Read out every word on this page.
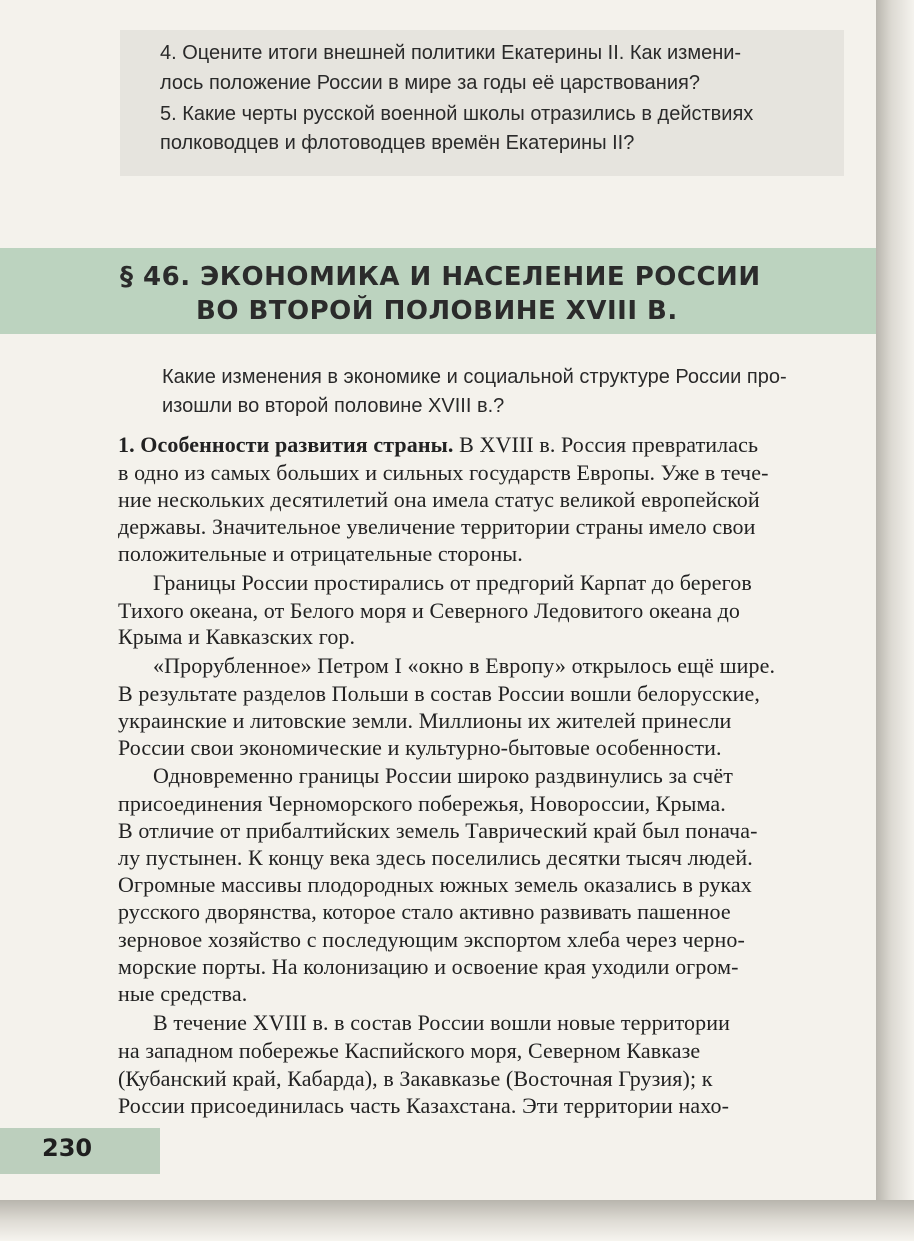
4. Оцените итоги внешней политики Екатерины II. Как измени-
лось положение России в мире за годы её царствования?
5. Какие черты русской военной школы отразились в действиях
полководцев и флотоводцев времён Екатерины II?
§ 46. ЭКОНОМИКА И НАСЕЛЕНИЕ РОССИИ
ВО ВТОРОЙ ПОЛОВИНЕ XVIII В.
Какие изменения в экономике и социальной структуре России про-
изошли во второй половине XVIII в.?
1. Особенности развития страны. В XVIII в. Россия превратилась
в одно из самых больших и сильных государств Европы. Уже в тече-
ние нескольких десятилетий она имела статус великой европейской
державы. Значительное увеличение территории страны имело свои
положительные и отрицательные стороны.
Границы России простирались от предгорий Карпат до берегов
Тихого океана, от Белого моря и Северного Ледовитого океана до
Крыма и Кавказских гор.
«Прорубленное» Петром I «окно в Европу» открылось ещё шире.
В результате разделов Польши в состав России вошли белорусские,
украинские и литовские земли. Миллионы их жителей принесли
России свои экономические и культурно-бытовые особенности.
Одновременно границы России широко раздвинулись за счёт
присоединения Черноморского побережья, Новороссии, Крыма.
В отличие от прибалтийских земель Таврический край был понача-
лу пустынен. К концу века здесь поселились десятки тысяч людей.
Огромные массивы плодородных южных земель оказались в руках
русского дворянства, которое стало активно развивать пашенное
зерновое хозяйство с последующим экспортом хлеба через черно-
морские порты. На колонизацию и освоение края уходили огром-
ные средства.
В течение XVIII в. в состав России вошли новые территории
на западном побережье Каспийского моря, Северном Кавказе
(Кубанский край, Кабарда), в Закавказье (Восточная Грузия); к
России присоединилась часть Казахстана. Эти территории нахо-
230
